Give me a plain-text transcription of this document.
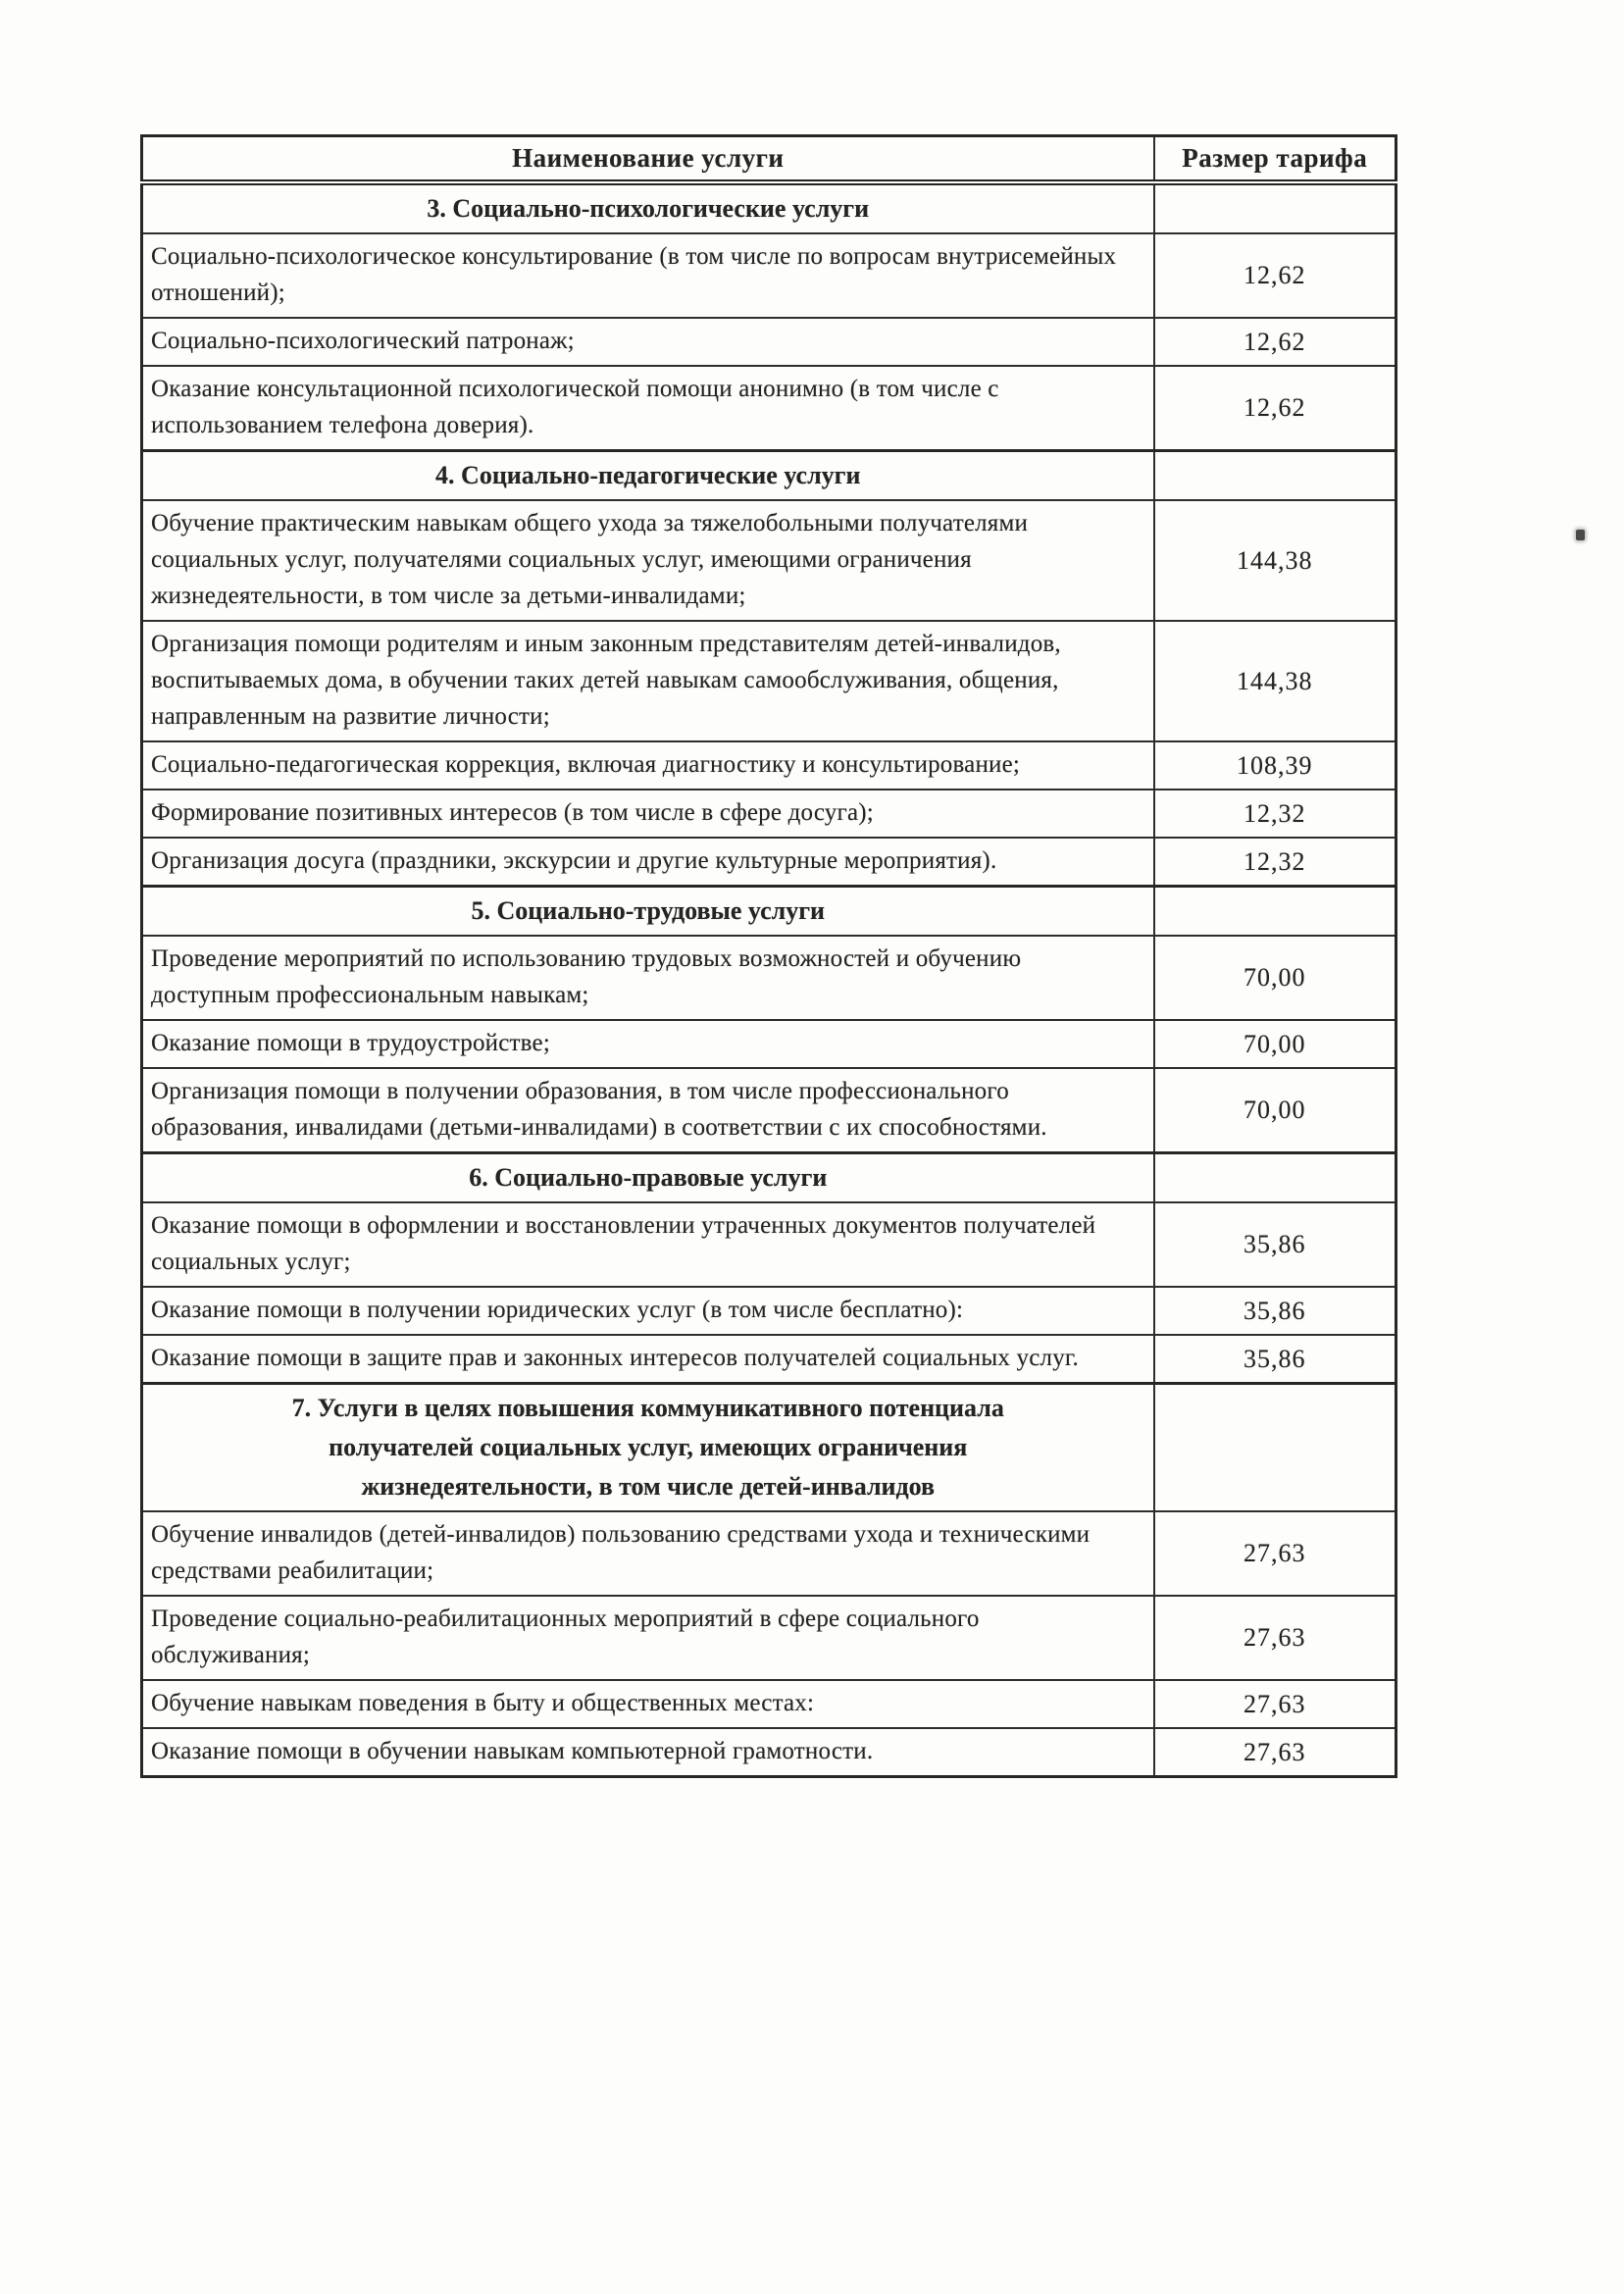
Наименование услуги	Размер тарифа
3. Социально-психологические услуги	
Социально-психологическое консультирование (в том числе по вопросам внутрисемейных отношений);	12,62
Социально-психологический патронаж;	12,62
Оказание консультационной психологической помощи анонимно (в том числе с использованием телефона доверия).	12,62
4. Социально-педагогические услуги	
Обучение практическим навыкам общего ухода за тяжелобольными получателями социальных услуг, получателями социальных услуг, имеющими ограничения жизнедеятельности, в том числе за детьми-инвалидами;	144,38
Организация помощи родителям и иным законным представителям детей-инвалидов, воспитываемых дома, в обучении таких детей навыкам самообслуживания, общения, направленным на развитие личности;	144,38
Социально-педагогическая коррекция, включая диагностику и консультирование;	108,39
Формирование позитивных интересов (в том числе в сфере досуга);	12,32
Организация досуга (праздники, экскурсии и другие культурные мероприятия).	12,32
5. Социально-трудовые услуги	
Проведение мероприятий по использованию трудовых возможностей и обучению доступным профессиональным навыкам;	70,00
Оказание помощи в трудоустройстве;	70,00
Организация помощи в получении образования, в том числе профессионального образования, инвалидами (детьми-инвалидами) в соответствии с их способностями.	70,00
6. Социально-правовые услуги	
Оказание помощи в оформлении и восстановлении утраченных документов получателей социальных услуг;	35,86
Оказание помощи в получении юридических услуг (в том числе бесплатно):	35,86
Оказание помощи в защите прав и законных интересов получателей социальных услуг.	35,86
7. Услуги в целях повышения коммуникативного потенциала получателей социальных услуг, имеющих ограничения жизнедеятельности, в том числе детей-инвалидов	
Обучение инвалидов (детей-инвалидов) пользованию средствами ухода и техническими средствами реабилитации;	27,63
Проведение социально-реабилитационных мероприятий в сфере социального обслуживания;	27,63
Обучение навыкам поведения в быту и общественных местах:	27,63
Оказание помощи в обучении навыкам компьютерной грамотности.	27,63
